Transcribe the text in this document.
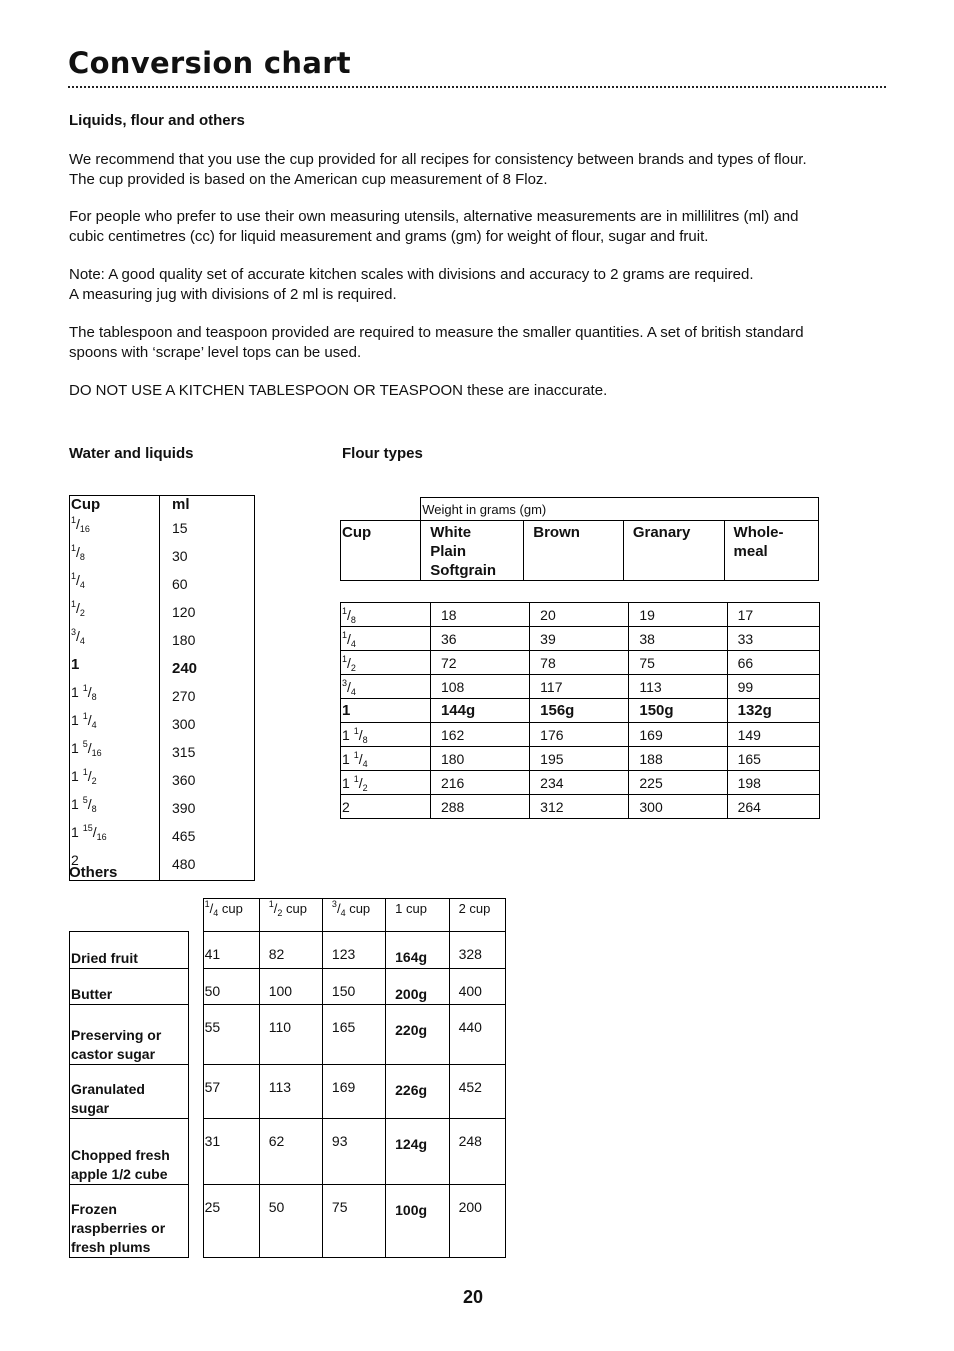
Conversion chart
Liquids, flour and others
We recommend that you use the cup provided for all recipes for consistency between brands and types of flour.
The cup provided is based on the American cup measurement of 8 Floz.
For people who prefer to use their own measuring utensils, alternative measurements are in millilitres (ml) and
cubic centimetres (cc) for liquid measurement and grams (gm) for weight of flour, sugar and fruit.
Note: A good quality set of accurate kitchen scales with divisions and accuracy to 2 grams are required.
A measuring jug with divisions of 2 ml is required.
The tablespoon and teaspoon provided are required to measure the smaller quantities. A set of british standard
spoons with ‘scrape’ level tops can be used.
DO NOT USE A KITCHEN TABLESPOON OR TEASPOON these are inaccurate.
Water and liquids	Flour types
Cup	ml
$^1/_{16}$	15
$^1/_8$	30
$^1/_4$	60
$^1/_2$	120
$^3/_4$	180
1	240
1 $^1/_8$	270
1 $^1/_4$	300
1 $^5/_{16}$	315
1 $^1/_2$	360
1 $^5/_8$	390
1 $^{15}/_{16}$	465
2	480
	Weight in grams (gm)			
Cup	White
Plain
Softgrain	Brown	Granary	Whole-
meal
$^1/_8$	18	20	19	17
$^1/_4$	36	39	38	33
$^1/_2$	72	78	75	66
$^3/_4$	108	117	113	99
1	144g	156g	150g	132g
1 $^1/_8$	162	176	169	149
1 $^1/_4$	180	195	188	165
1 $^1/_2$	216	234	225	198
2	288	312	300	264
Others
		$^1/_4$ cup	$^1/_2$ cup	$^3/_4$ cup	1 cup	2 cup
Dried fruit		41	82	123	164g	328
Butter		50	100	150	200g	400
Preserving or
castor sugar		55	110	165	220g	440
Granulated
sugar		57	113	169	226g	452
Chopped fresh
apple 1/2 cube		31	62	93	124g	248
Frozen
raspberries or
fresh plums		25	50	75	100g	200
20
